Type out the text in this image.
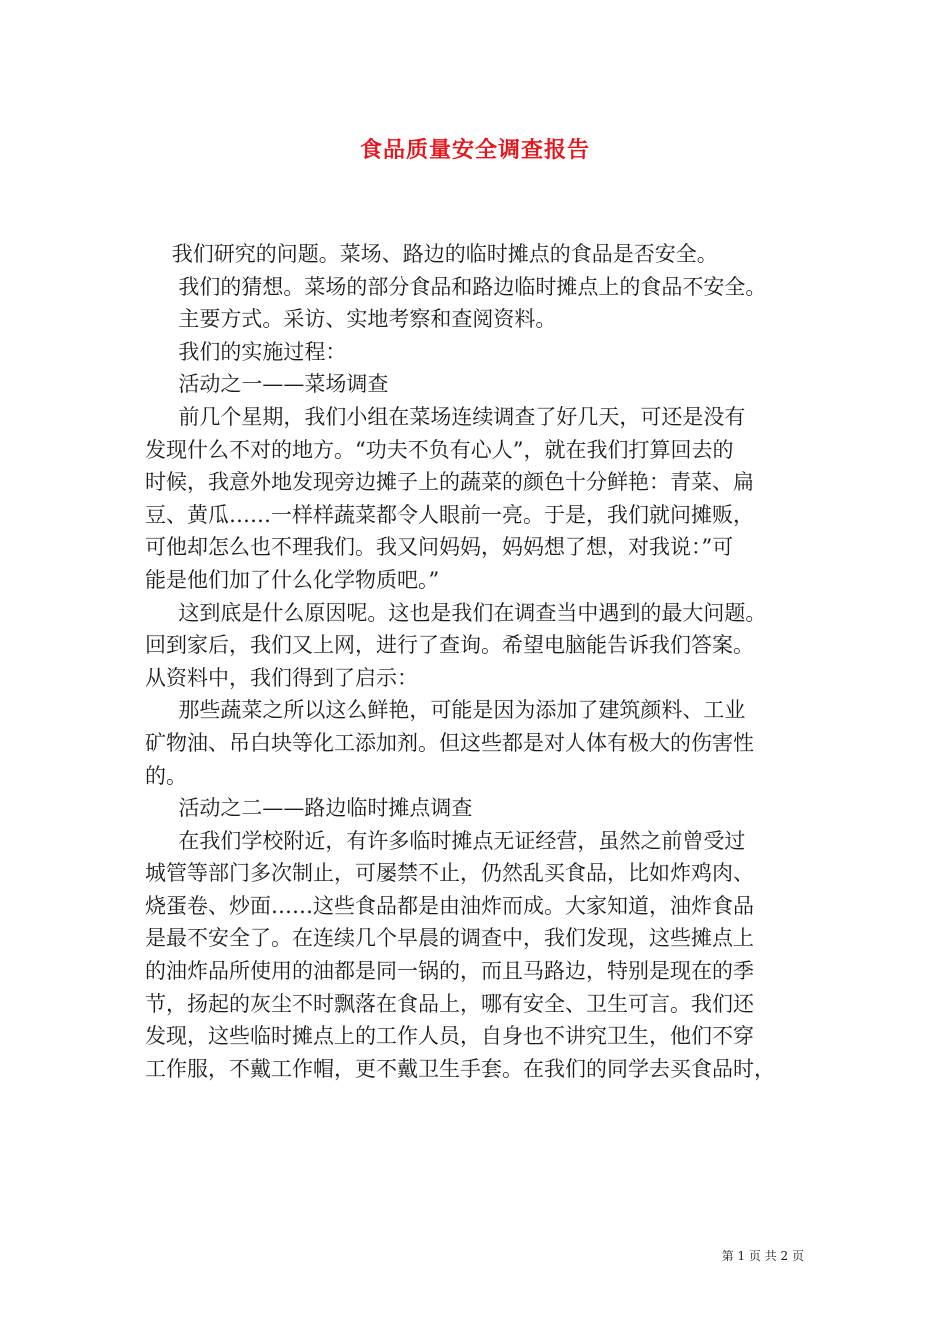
食品质量安全调查报告

我们研究的问题。菜场、路边的临时摊点的食品是否安全。

我们的猜想。菜场的部分食品和路边临时摊点上的食品不安全。

主要方式。采访、实地考察和查阅资料。

我们的实施过程：

活动之一——菜场调查

前几个星期，我们小组在菜场连续调查了好几天，可还是没有

发现什么不对的地方。“功夫不负有心人”，就在我们打算回去的

时候，我意外地发现旁边摊子上的蔬菜的颜色十分鲜艳：青菜、扁

豆、黄瓜……一样样蔬菜都令人眼前一亮。于是，我们就问摊贩，

可他却怎么也不理我们。我又问妈妈，妈妈想了想，对我说：”可

能是他们加了什么化学物质吧。”

这到底是什么原因呢。这也是我们在调查当中遇到的最大问题。

回到家后，我们又上网，进行了查询。希望电脑能告诉我们答案。

从资料中，我们得到了启示：

那些蔬菜之所以这么鲜艳，可能是因为添加了建筑颜料、工业

矿物油、吊白块等化工添加剂。但这些都是对人体有极大的伤害性

的。

活动之二——路边临时摊点调查

在我们学校附近，有许多临时摊点无证经营，虽然之前曾受过

城管等部门多次制止，可屡禁不止，仍然乱买食品，比如炸鸡肉、

烧蛋卷、炒面……这些食品都是由油炸而成。大家知道，油炸食品

是最不安全了。在连续几个早晨的调查中，我们发现，这些摊点上

的油炸品所使用的油都是同一锅的，而且马路边，特别是现在的季

节，扬起的灰尘不时飘落在食品上，哪有安全、卫生可言。我们还

发现，这些临时摊点上的工作人员，自身也不讲究卫生，他们不穿

工作服，不戴工作帽，更不戴卫生手套。在我们的同学去买食品时，

第 1 页 共 2 页
